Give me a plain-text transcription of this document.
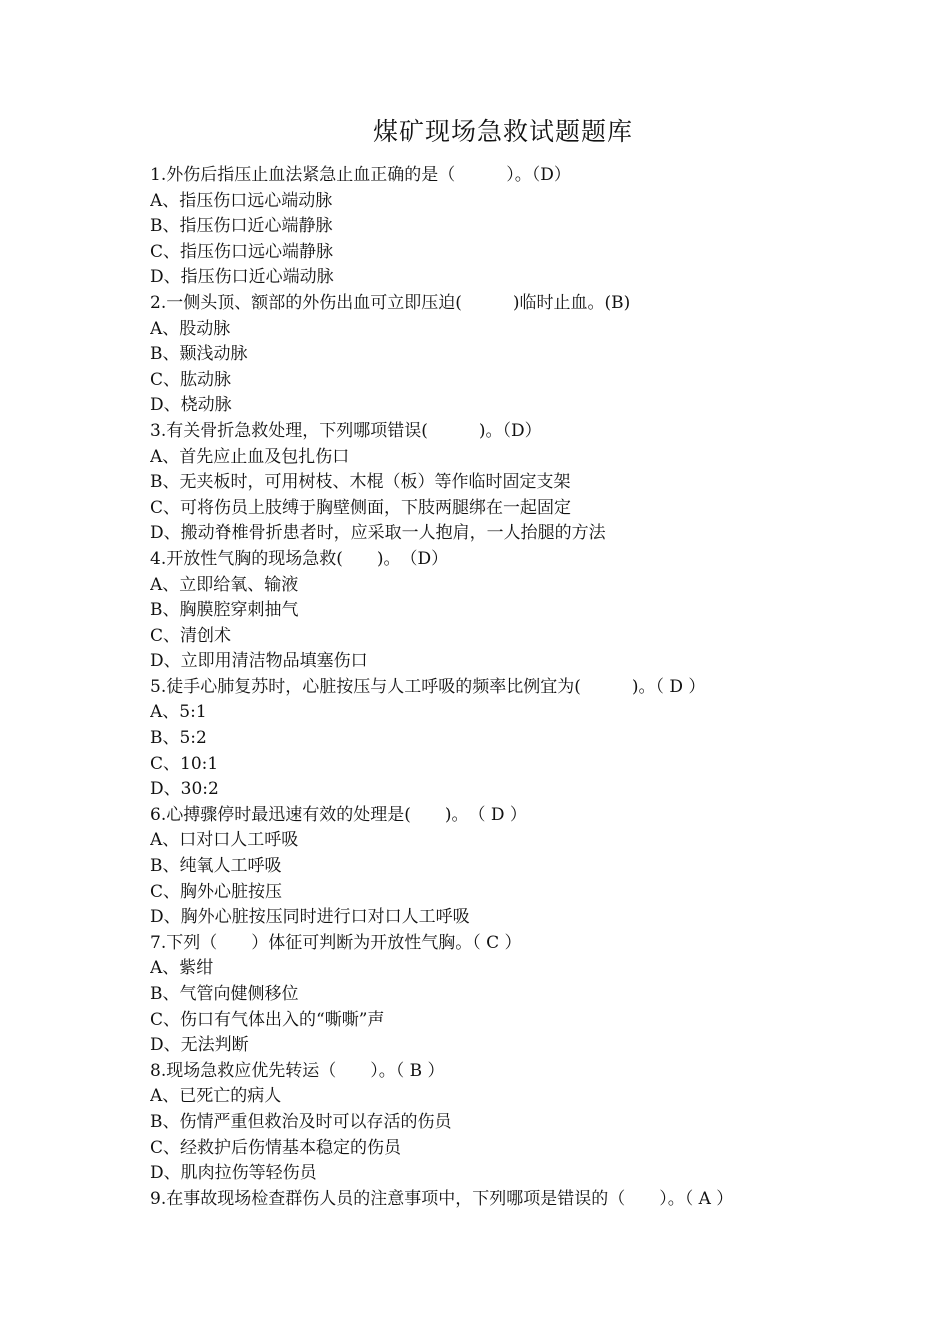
煤矿现场急救试题题库
1.外伤后指压止血法紧急止血正确的是（　　　）。（D）
A、指压伤口远心端动脉
B、指压伤口近心端静脉
C、指压伤口远心端静脉
D、指压伤口近心端动脉
2.一侧头顶、额部的外伤出血可立即压迫(　　　)临时止血。(B)
A、股动脉
B、颞浅动脉
C、肱动脉
D、桡动脉
3.有关骨折急救处理，下列哪项错误(　　　)。（D）
A、首先应止血及包扎伤口
B、无夹板时，可用树枝、木棍（板）等作临时固定支架
C、可将伤员上肢缚于胸壁侧面，下肢两腿绑在一起固定
D、搬动脊椎骨折患者时，应采取一人抱肩，一人抬腿的方法
4.开放性气胸的现场急救(　　)。　（D）
A、立即给氧、输液
B、胸膜腔穿刺抽气
C、清创术
D、立即用清洁物品填塞伤口
5.徒手心肺复苏时，心脏按压与人工呼吸的频率比例宜为(　　　)。（ D ）
A、5:1
B、5:2
C、10:1
D、30:2
6.心搏骤停时最迅速有效的处理是(　　)。　（ D ）
A、口对口人工呼吸
B、纯氧人工呼吸
C、胸外心脏按压
D、胸外心脏按压同时进行口对口人工呼吸
7.下列（　　）体征可判断为开放性气胸。（ C ）
A、紫绀
B、气管向健侧移位
C、伤口有气体出入的“嘶嘶”声
D、无法判断
8.现场急救应优先转运（　　）。（ B ）
A、已死亡的病人
B、伤情严重但救治及时可以存活的伤员
C、经救护后伤情基本稳定的伤员
D、肌肉拉伤等轻伤员
9.在事故现场检查群伤人员的注意事项中，下列哪项是错误的（　　）。（ A ）
